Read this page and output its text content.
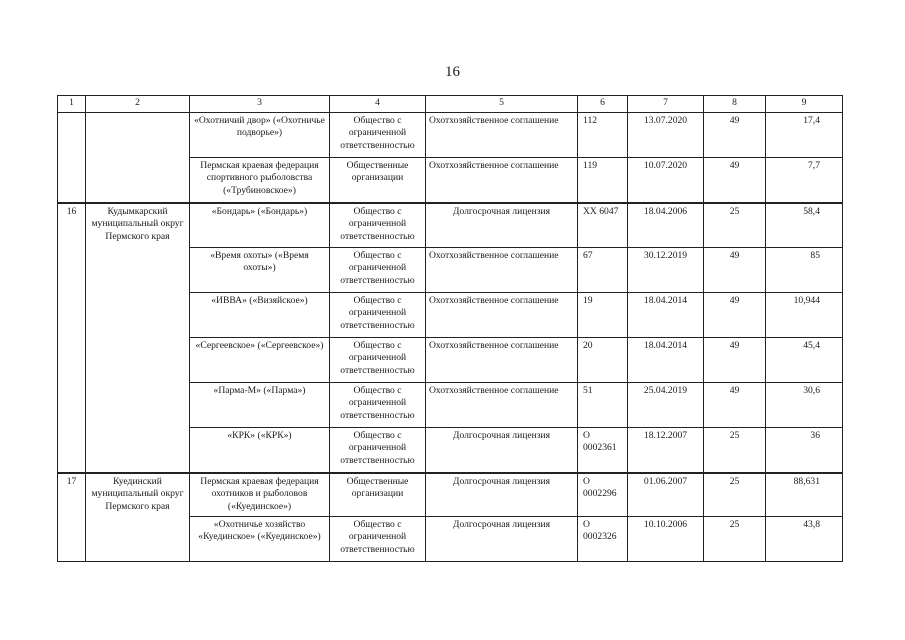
16
1	2	3	4	5	6	7	8	9
		«Охотничий двор» («Охотничье подворье»)	Общество с ограниченной ответственностью	Охотхозяйственное соглашение	112	13.07.2020	49	17,4
		Пермская краевая федерация спортивного рыболовства («Трубиновское»)	Общественные организации	Охотхозяйственное соглашение	119	10.07.2020	49	7,7
16	Кудымкарский муниципальный округ Пермского края	«Бондарь» («Бондарь»)	Общество с ограниченной ответственностью	Долгосрочная лицензия	ХХ 6047	18.04.2006	25	58,4
		«Время охоты» («Время охоты»)	Общество с ограниченной ответственностью	Охотхозяйственное соглашение	67	30.12.2019	49	85
		«ИВВА» («Визяйское»)	Общество с ограниченной ответственностью	Охотхозяйственное соглашение	19	18.04.2014	49	10,944
		«Сергеевское» («Сергеевское»)	Общество с ограниченной ответственностью	Охотхозяйственное соглашение	20	18.04.2014	49	45,4
		«Парма-М» («Парма»)	Общество с ограниченной ответственностью	Охотхозяйственное соглашение	51	25.04.2019	49	30,6
		«КРК» («КРК»)	Общество с ограниченной ответственностью	Долгосрочная лицензия	О 0002361	18.12.2007	25	36
17	Куединский муниципальный округ Пермского края	Пермская краевая федерация охотников и рыболовов («Куединское»)	Общественные организации	Долгосрочная лицензия	О 0002296	01.06.2007	25	88,631
		«Охотничье хозяйство «Куединское» («Куединское»)	Общество с ограниченной ответственностью	Долгосрочная лицензия	О 0002326	10.10.2006	25	43,8
